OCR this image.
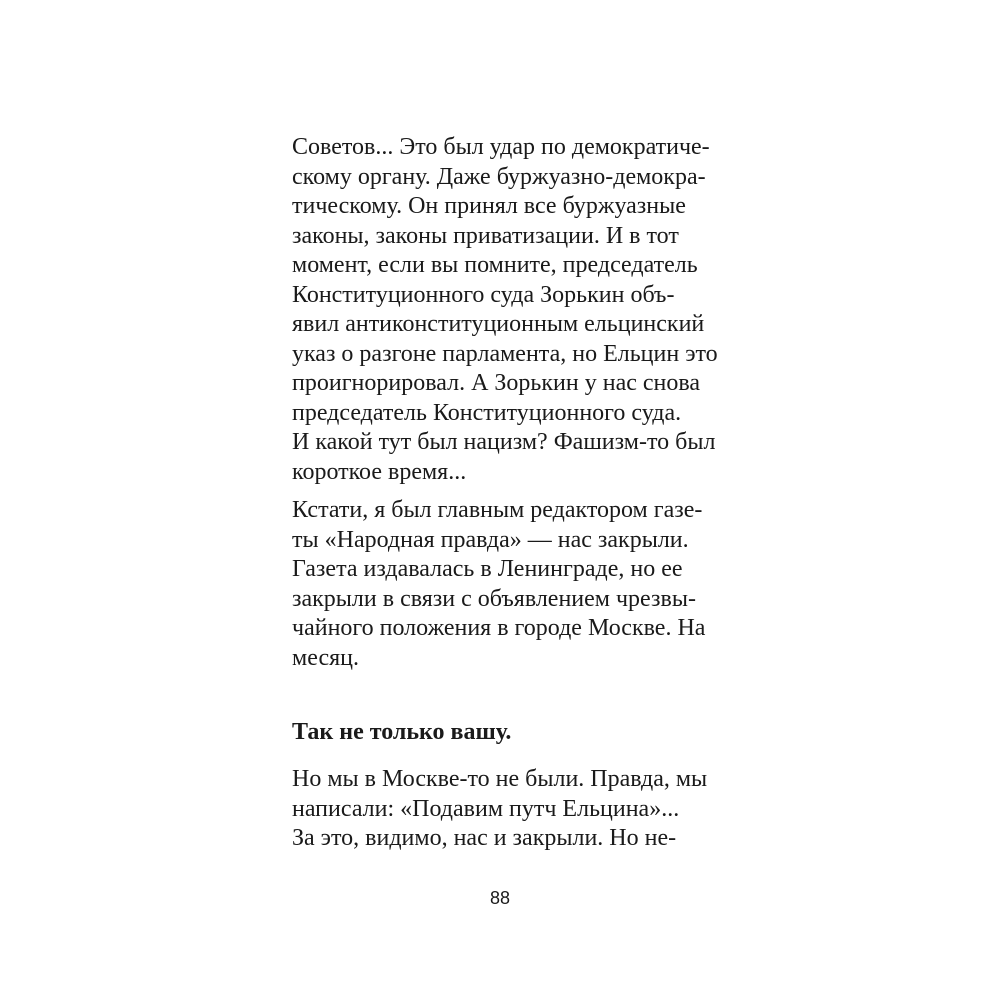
Советов... Это был удар по демократиче-
скому органу. Даже буржуазно-демокра-
тическому. Он принял все буржуазные
законы, законы приватизации. И в тот
момент, если вы помните, председатель
Конституционного суда Зорькин объ-
явил антиконституционным ельцинский
указ о разгоне парламента, но Ельцин это
проигнорировал. А Зорькин у нас снова
председатель Конституционного суда.
И какой тут был нацизм? Фашизм-то был
короткое время...
Кстати, я был главным редактором газе-
ты «Народная правда» — нас закрыли.
Газета издавалась в Ленинграде, но ее
закрыли в связи с объявлением чрезвы-
чайного положения в городе Москве. На
месяц.
Так не только вашу.
Но мы в Москве-то не были. Правда, мы
написали: «Подавим путч Ельцина»...
За это, видимо, нас и закрыли. Но не-
88
